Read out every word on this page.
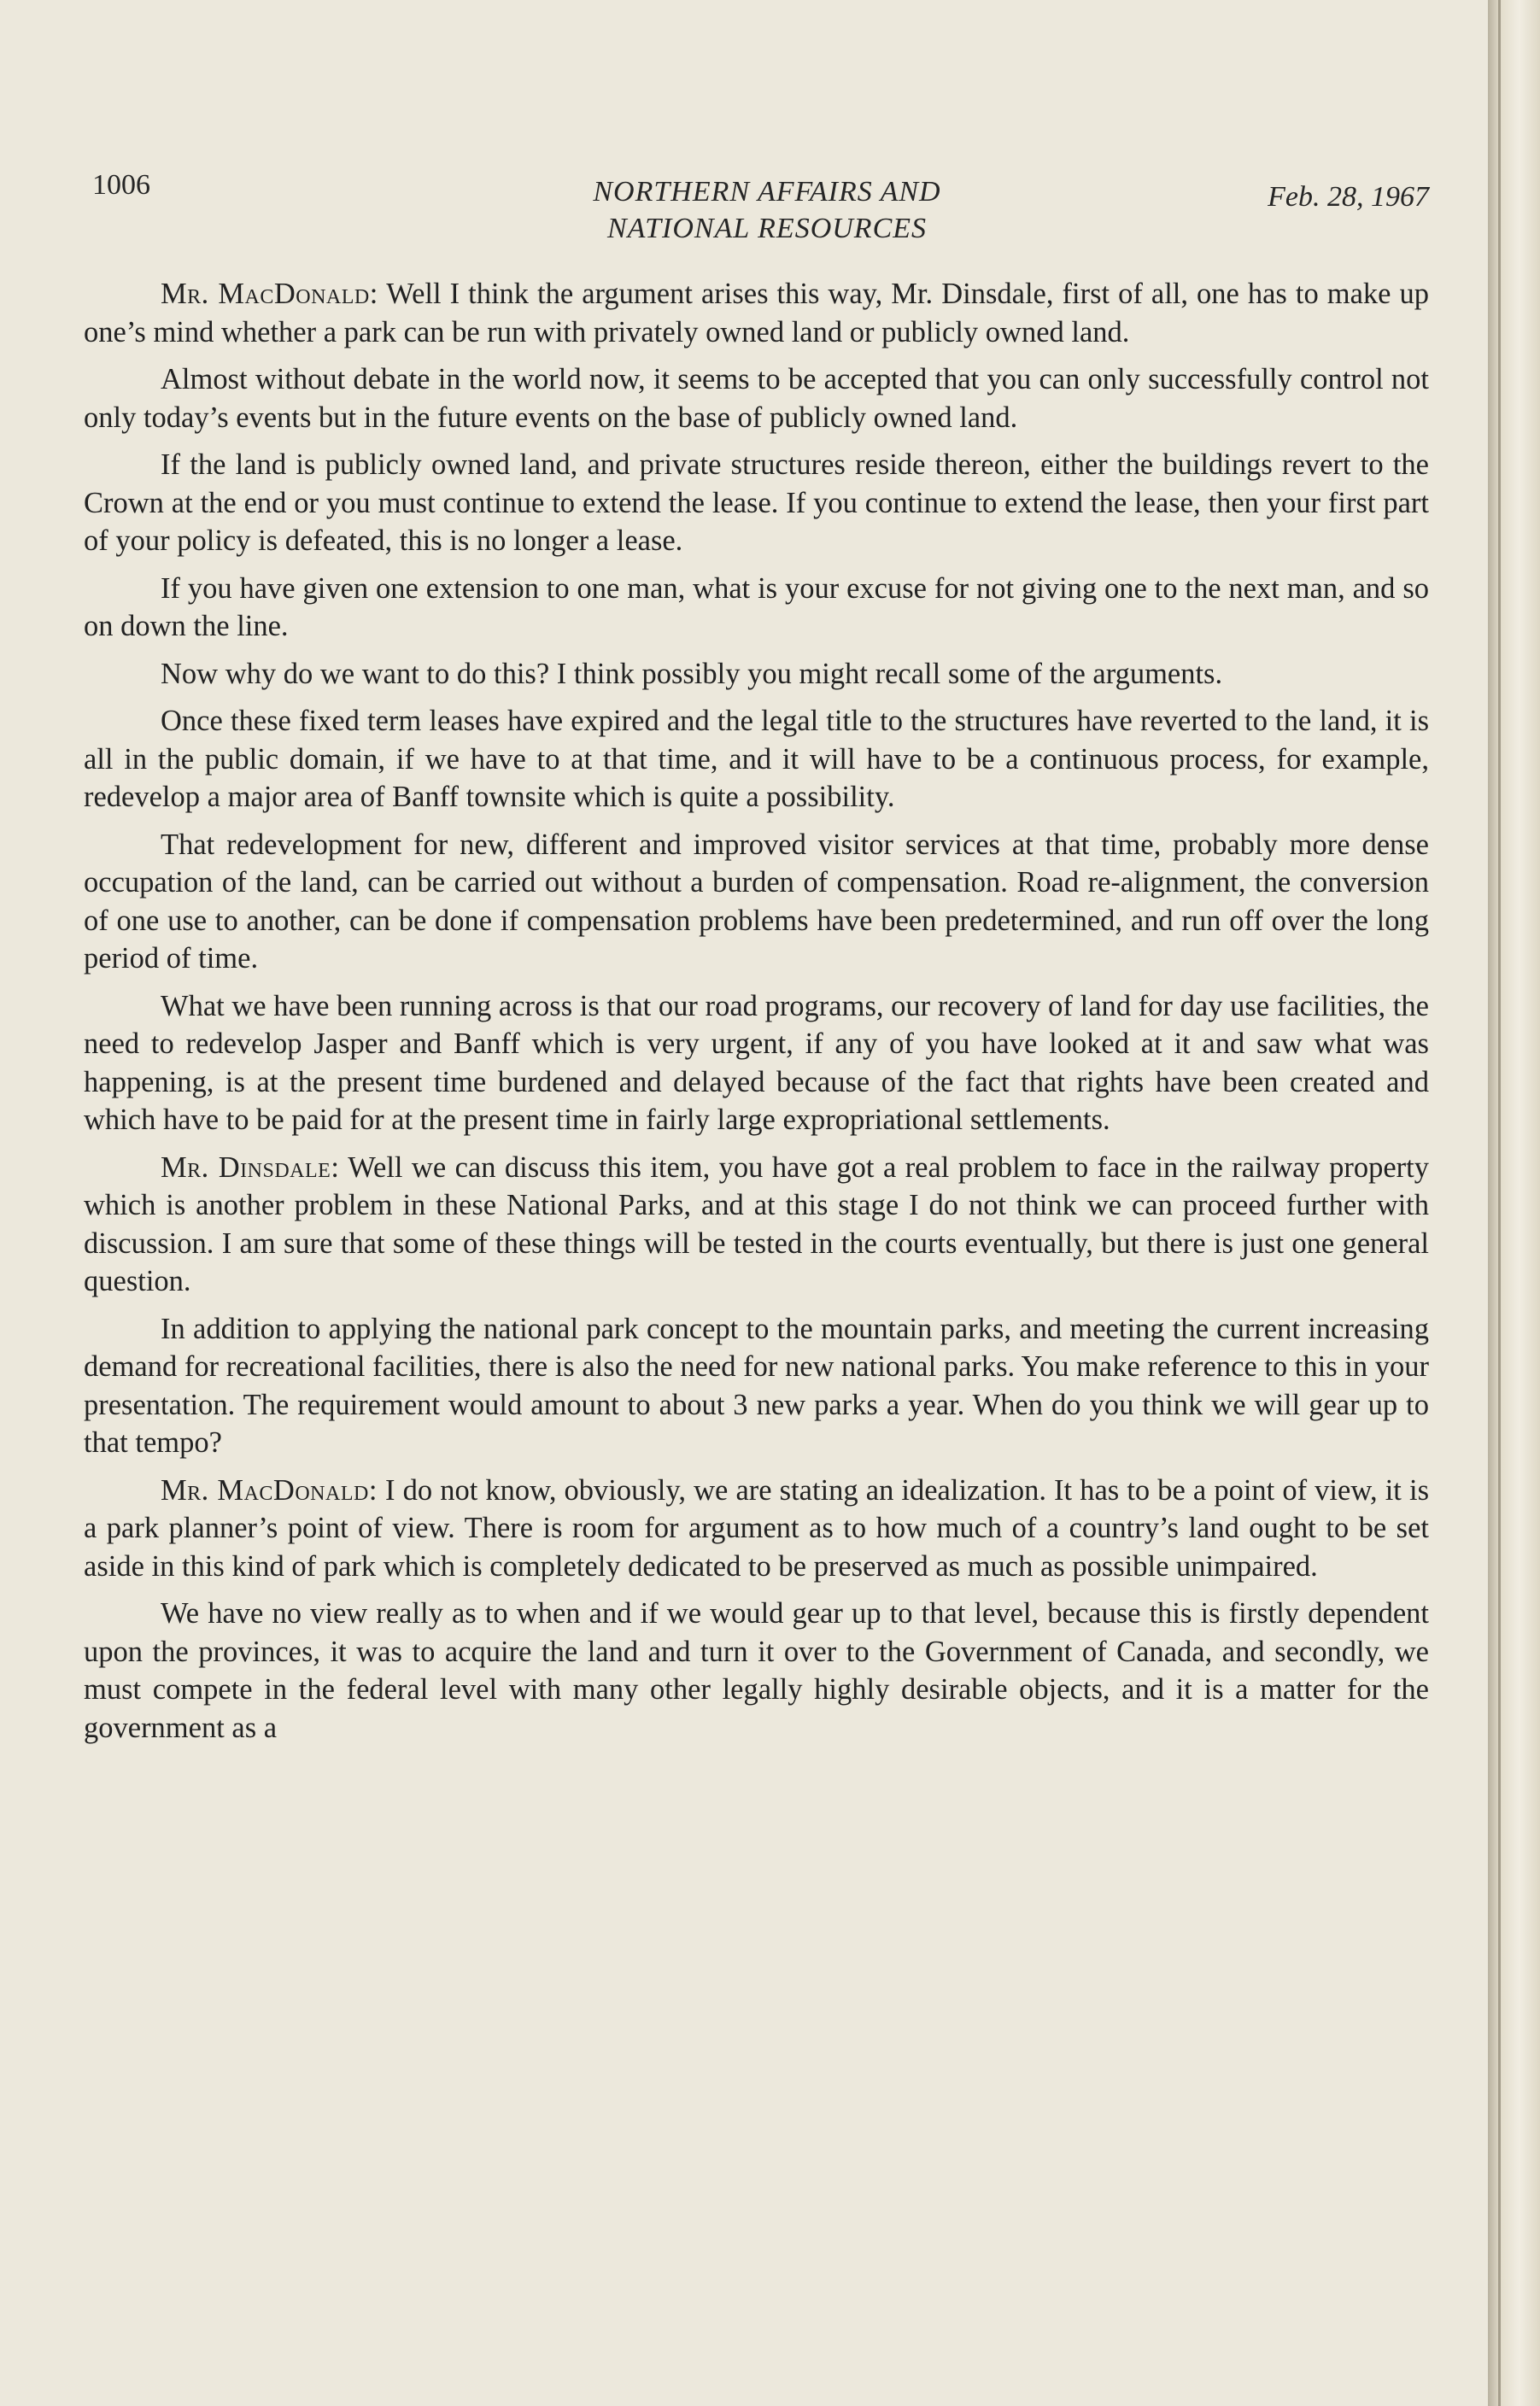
1006	NORTHERN AFFAIRS AND
NATIONAL RESOURCES
Feb. 28, 1967

Mr. MacDonald: Well I think the argument arises this way, Mr. Dinsdale, first of all, one has to make up one’s mind whether a park can be run with privately owned land or publicly owned land.

Almost without debate in the world now, it seems to be accepted that you can only successfully control not only today’s events but in the future events on the base of publicly owned land.

If the land is publicly owned land, and private structures reside thereon, either the buildings revert to the Crown at the end or you must continue to extend the lease. If you continue to extend the lease, then your first part of your policy is defeated, this is no longer a lease.

If you have given one extension to one man, what is your excuse for not giving one to the next man, and so on down the line.

Now why do we want to do this? I think possibly you might recall some of the arguments.

Once these fixed term leases have expired and the legal title to the structures have reverted to the land, it is all in the public domain, if we have to at that time, and it will have to be a continuous process, for example, redevelop a major area of Banff townsite which is quite a possibility.

That redevelopment for new, different and improved visitor services at that time, probably more dense occupation of the land, can be carried out without a burden of compensation. Road re-alignment, the conversion of one use to another, can be done if compensation problems have been predetermined, and run off over the long period of time.

What we have been running across is that our road programs, our recovery of land for day use facilities, the need to redevelop Jasper and Banff which is very urgent, if any of you have looked at it and saw what was happening, is at the present time burdened and delayed because of the fact that rights have been created and which have to be paid for at the present time in fairly large expropriational settlements.

Mr. Dinsdale: Well we can discuss this item, you have got a real problem to face in the railway property which is another problem in these National Parks, and at this stage I do not think we can proceed further with discussion. I am sure that some of these things will be tested in the courts eventually, but there is just one general question.

In addition to applying the national park concept to the mountain parks, and meeting the current increasing demand for recreational facilities, there is also the need for new national parks. You make reference to this in your presentation. The requirement would amount to about 3 new parks a year. When do you think we will gear up to that tempo?

Mr. MacDonald: I do not know, obviously, we are stating an idealization. It has to be a point of view, it is a park planner’s point of view. There is room for argument as to how much of a country’s land ought to be set aside in this kind of park which is completely dedicated to be preserved as much as possible unimpaired.

We have no view really as to when and if we would gear up to that level, because this is firstly dependent upon the provinces, it was to acquire the land and turn it over to the Government of Canada, and secondly, we must compete in the federal level with many other legally highly desirable objects, and it is a matter for the government as a
